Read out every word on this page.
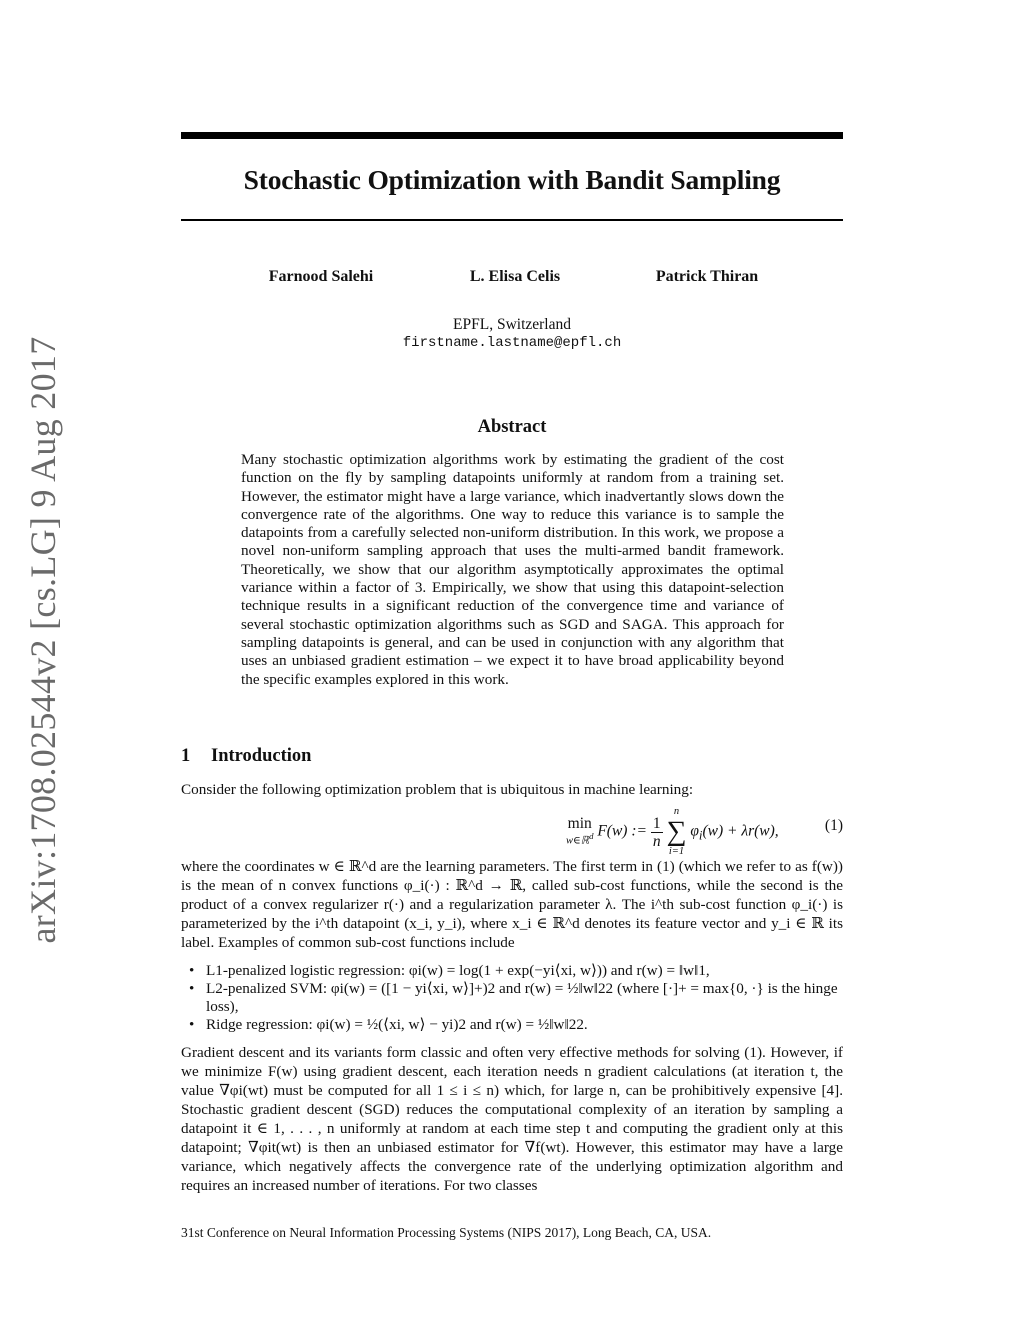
arXiv:1708.02544v2 [cs.LG] 9 Aug 2017
Stochastic Optimization with Bandit Sampling
Farnood Salehi	L. Elisa Celis	Patrick Thiran
EPFL, Switzerland
firstname.lastname@epfl.ch
Abstract

Many stochastic optimization algorithms work by estimating the gradient of the cost function on the fly by sampling datapoints uniformly at random from a training set. However, the estimator might have a large variance, which inadvertantly slows down the convergence rate of the algorithms. One way to reduce this variance is to sample the datapoints from a carefully selected non-uniform distribution. In this work, we propose a novel non-uniform sampling approach that uses the multi-armed bandit framework. Theoretically, we show that our algorithm asymptotically approximates the optimal variance within a factor of 3. Empirically, we show that using this datapoint-selection technique results in a significant reduction of the convergence time and variance of several stochastic optimization algorithms such as SGD and SAGA. This approach for sampling datapoints is general, and can be used in conjunction with any algorithm that uses an unbiased gradient estimation – we expect it to have broad applicability beyond the specific examples explored in this work.

1 Introduction
Consider the following optimization problem that is ubiquitous in machine learning:
min
w∈ℝ$^d$ F(w) := $\frac{1}{n}$

n
∑
i=1
$\varphi_i(w) + \lambda r(w)$,	(1)

where the coordinates w ∈ ℝ^d are the learning parameters. The first term in (1) (which we refer to as f(w)) is the mean of n convex functions φ_i(·) : ℝ^d → ℝ, called sub-cost functions, while the second is the product of a convex regularizer r(·) and a regularization parameter λ. The i^th sub-cost function φ_i(·) is parameterized by the i^th datapoint (x_i, y_i), where x_i ∈ ℝ^d denotes its feature vector and y_i ∈ ℝ its label. Examples of common sub-cost functions include

• L1-penalized logistic regression: φi(w) = log(1 + exp(−yi⟨xi, w⟩)) and r(w) = ‖w‖1,
• L2-penalized SVM: φi(w) = ([1 − yi⟨xi, w⟩]+)2 and r(w) = ½‖w‖22 (where [·]+ = max{0, ·} is the hinge loss),
• Ridge regression: φi(w) = ½(⟨xi, w⟩ − yi)2 and r(w) = ½‖w‖22.

Gradient descent and its variants form classic and often very effective methods for solving (1). However, if we minimize F(w) using gradient descent, each iteration needs n gradient calculations (at iteration t, the value ∇φi(wt) must be computed for all 1 ≤ i ≤ n) which, for large n, can be prohibitively expensive [4]. Stochastic gradient descent (SGD) reduces the computational complexity of an iteration by sampling a datapoint it ∈ 1, . . . , n uniformly at random at each time step t and computing the gradient only at this datapoint; ∇φit(wt) is then an unbiased estimator for ∇f(wt). However, this estimator may have a large variance, which negatively affects the convergence rate of the underlying optimization algorithm and requires an increased number of iterations. For two classes

31st Conference on Neural Information Processing Systems (NIPS 2017), Long Beach, CA, USA.
